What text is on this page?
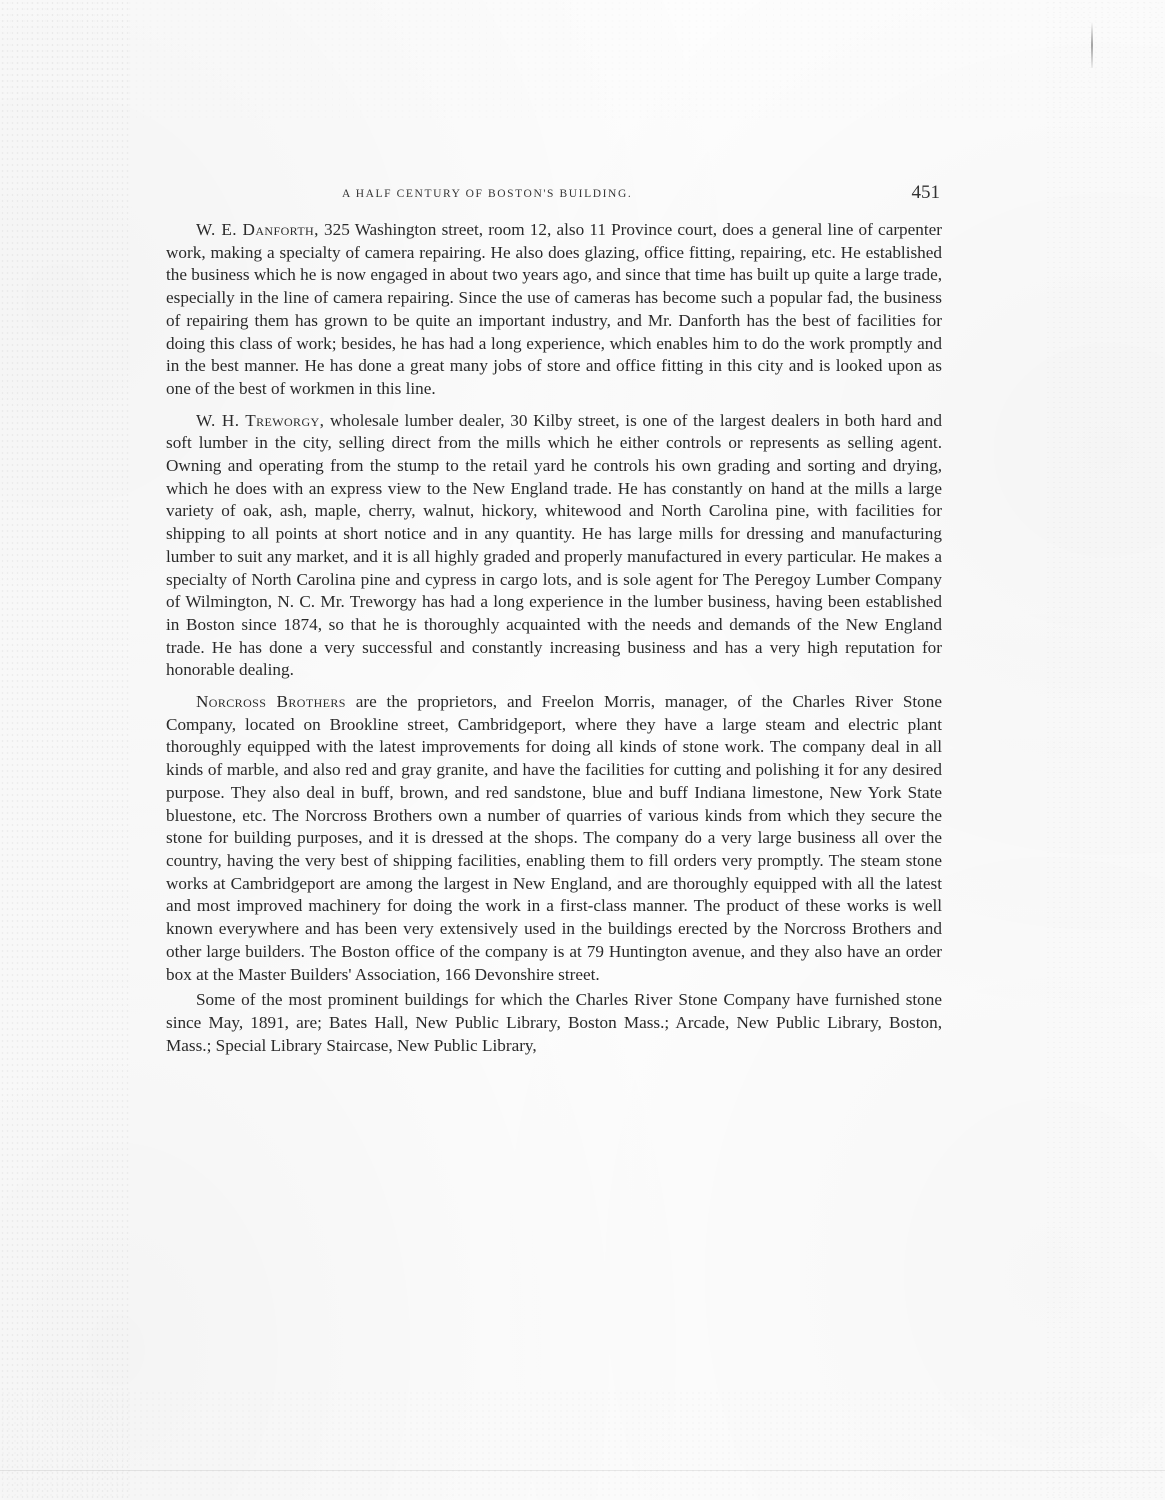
A HALF CENTURY OF BOSTON'S BUILDING.	451

W. E. Danforth, 325 Washington street, room 12, also 11 Province court, does a general line of carpenter work, making a specialty of camera repairing. He also does glazing, office fitting, repairing, etc. He established the business which he is now engaged in about two years ago, and since that time has built up quite a large trade, especially in the line of camera repairing. Since the use of cameras has become such a popular fad, the business of repairing them has grown to be quite an important industry, and Mr. Danforth has the best of facilities for doing this class of work; besides, he has had a long experience, which enables him to do the work promptly and in the best manner. He has done a great many jobs of store and office fitting in this city and is looked upon as one of the best of workmen in this line.

W. H. Treworgy, wholesale lumber dealer, 30 Kilby street, is one of the largest dealers in both hard and soft lumber in the city, selling direct from the mills which he either controls or represents as selling agent. Owning and operating from the stump to the retail yard he controls his own grading and sorting and drying, which he does with an express view to the New England trade. He has constantly on hand at the mills a large variety of oak, ash, maple, cherry, walnut, hickory, whitewood and North Carolina pine, with facilities for shipping to all points at short notice and in any quantity. He has large mills for dressing and manufacturing lumber to suit any market, and it is all highly graded and properly manufactured in every particular. He makes a specialty of North Carolina pine and cypress in cargo lots, and is sole agent for The Peregoy Lumber Company of Wilmington, N. C. Mr. Treworgy has had a long experience in the lumber business, having been established in Boston since 1874, so that he is thoroughly acquainted with the needs and demands of the New England trade. He has done a very successful and constantly increasing business and has a very high reputation for honorable dealing.

Norcross Brothers are the proprietors, and Freelon Morris, manager, of the Charles River Stone Company, located on Brookline street, Cambridgeport, where they have a large steam and electric plant thoroughly equipped with the latest improvements for doing all kinds of stone work. The company deal in all kinds of marble, and also red and gray granite, and have the facilities for cutting and polishing it for any desired purpose. They also deal in buff, brown, and red sandstone, blue and buff Indiana limestone, New York State bluestone, etc. The Norcross Brothers own a number of quarries of various kinds from which they secure the stone for building purposes, and it is dressed at the shops. The company do a very large business all over the country, having the very best of shipping facilities, enabling them to fill orders very promptly. The steam stone works at Cambridgeport are among the largest in New England, and are thoroughly equipped with all the latest and most improved machinery for doing the work in a first-class manner. The product of these works is well known everywhere and has been very extensively used in the buildings erected by the Norcross Brothers and other large builders. The Boston office of the company is at 79 Huntington avenue, and they also have an order box at the Master Builders' Association, 166 Devonshire street.

Some of the most prominent buildings for which the Charles River Stone Company have furnished stone since May, 1891, are; Bates Hall, New Public Library, Boston Mass.; Arcade, New Public Library, Boston, Mass.; Special Library Staircase, New Public Library,
